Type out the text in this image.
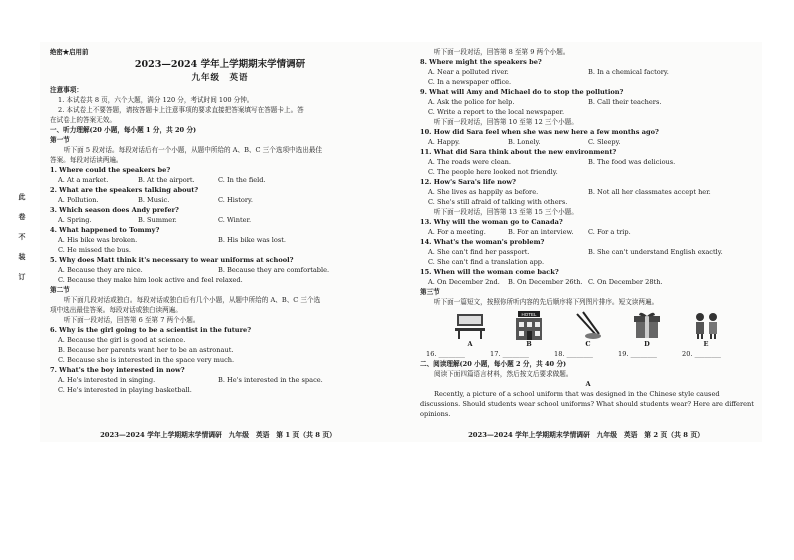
此
卷
不
装
订
绝密★启用前
2023—2024 学年上学期期末学情调研
九年级　英语
注意事项：
1. 本试卷共 8 页，六个大题，满分 120 分，考试时间 100 分钟。
2. 本试卷上不要答题，请按答题卡上注意事项的要求直接把答案填写在答题卡上。答
在试卷上的答案无效。
一、听力理解(20 小题，每小题 1 分，共 20 分)
第一节
听下面 5 段对话。每段对话后有一个小题，从题中所给的 A、B、C 三个选项中选出最佳
答案。每段对话读两遍。
1. Where could the speakers be?
A. At a market.	B. At the airport.	C. In the field.
2. What are the speakers talking about?
A. Pollution.	B. Music.	C. History.
3. Which season does Andy prefer?
A. Spring.	B. Summer.	C. Winter.
4. What happened to Tommy?
A. His bike was broken.	B. His bike was lost.
C. He missed the bus.
5. Why does Matt think it's necessary to wear uniforms at school?
A. Because they are nice.	B. Because they are comfortable.
C. Because they make him look active and feel relaxed.
第二节
听下面几段对话或独白。每段对话或独白后有几个小题，从题中所给的 A、B、C 三个选
项中选出最佳答案。每段对话或独白读两遍。
听下面一段对话，回答第 6 至第 7 两个小题。
6. Why is the girl going to be a scientist in the future?
A. Because the girl is good at science.
B. Because her parents want her to be an astronaut.
C. Because she is interested in the space very much.
7. What's the boy interested in now?
A. He's interested in singing.	B. He's interested in the space.
C. He's interested in playing basketball.
2023—2024 学年上学期期末学情调研　九年级　英语　第 1 页（共 8 页）
听下面一段对话，回答第 8 至第 9 两个小题。
8. Where might the speakers be?
A. Near a polluted river.	B. In a chemical factory.
C. In a newspaper office.
9. What will Amy and Michael do to stop the pollution?
A. Ask the police for help.	B. Call their teachers.
C. Write a report to the local newspaper.
听下面一段对话，回答第 10 至第 12 三个小题。
10. How did Sara feel when she was new here a few months ago?
A. Happy.	B. Lonely.	C. Sleepy.
11. What did Sara think about the new environment?
A. The roads were clean.	B. The food was delicious.
C. The people here looked not friendly.
12. How's Sara's life now?
A. She lives as happily as before.	B. Not all her classmates accept her.
C. She's still afraid of talking with others.
听下面一段对话，回答第 13 至第 15 三个小题。
13. Why will the woman go to Canada?
A. For a meeting.	B. For an interview.	C. For a trip.
14. What's the woman's problem?
A. She can't find her passport.	B. She can't understand English exactly.
C. She can't find a translation app.
15. When will the woman come back?
A. On December 2nd.	B. On December 26th. C. On December 28th.
第三节
听下面一篇短文，按照你所听内容的先后顺序将下列图片排序。短文读两遍。
A
HOTEL
B	C	D	E
16. ________	17. ________	18. ________	19. ________	20. ________
二、阅读理解(20 小题，每小题 2 分，共 40 分)
阅读下面四篇语言材料，然后按文后要求做题。
A
Recently, a picture of a school uniform that was designed in the Chinese style caused
discussions. Should students wear school uniforms? What should students wear? Here are different
opinions.
2023—2024 学年上学期期末学情调研　九年级　英语　第 2 页（共 8 页）
